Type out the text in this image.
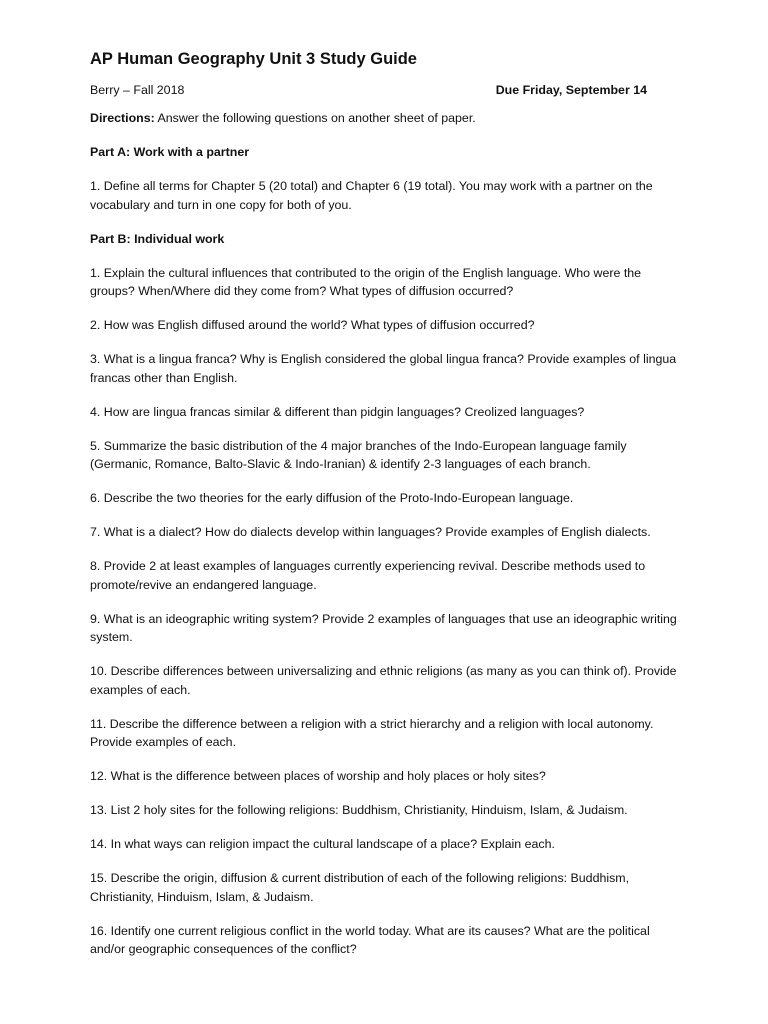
AP Human Geography Unit 3 Study Guide
Berry – Fall 2018	Due Friday, September 14
Directions: Answer the following questions on another sheet of paper.
Part A: Work with a partner
1. Define all terms for Chapter 5 (20 total) and Chapter 6 (19 total). You may work with a partner on the vocabulary and turn in one copy for both of you.
Part B: Individual work
1. Explain the cultural influences that contributed to the origin of the English language. Who were the groups? When/Where did they come from? What types of diffusion occurred?
2. How was English diffused around the world? What types of diffusion occurred?
3. What is a lingua franca? Why is English considered the global lingua franca? Provide examples of lingua francas other than English.
4. How are lingua francas similar & different than pidgin languages? Creolized languages?
5. Summarize the basic distribution of the 4 major branches of the Indo-European language family (Germanic, Romance, Balto-Slavic & Indo-Iranian) & identify 2-3 languages of each branch.
6. Describe the two theories for the early diffusion of the Proto-Indo-European language.
7. What is a dialect? How do dialects develop within languages? Provide examples of English dialects.
8. Provide 2 at least examples of languages currently experiencing revival. Describe methods used to promote/revive an endangered language.
9. What is an ideographic writing system? Provide 2 examples of languages that use an ideographic writing system.
10. Describe differences between universalizing and ethnic religions (as many as you can think of). Provide examples of each.
11. Describe the difference between a religion with a strict hierarchy and a religion with local autonomy. Provide examples of each.
12. What is the difference between places of worship and holy places or holy sites?
13. List 2 holy sites for the following religions: Buddhism, Christianity, Hinduism, Islam, & Judaism.
14. In what ways can religion impact the cultural landscape of a place? Explain each.
15. Describe the origin, diffusion & current distribution of each of the following religions: Buddhism, Christianity, Hinduism, Islam, & Judaism.
16. Identify one current religious conflict in the world today. What are its causes? What are the political and/or geographic consequences of the conflict?
